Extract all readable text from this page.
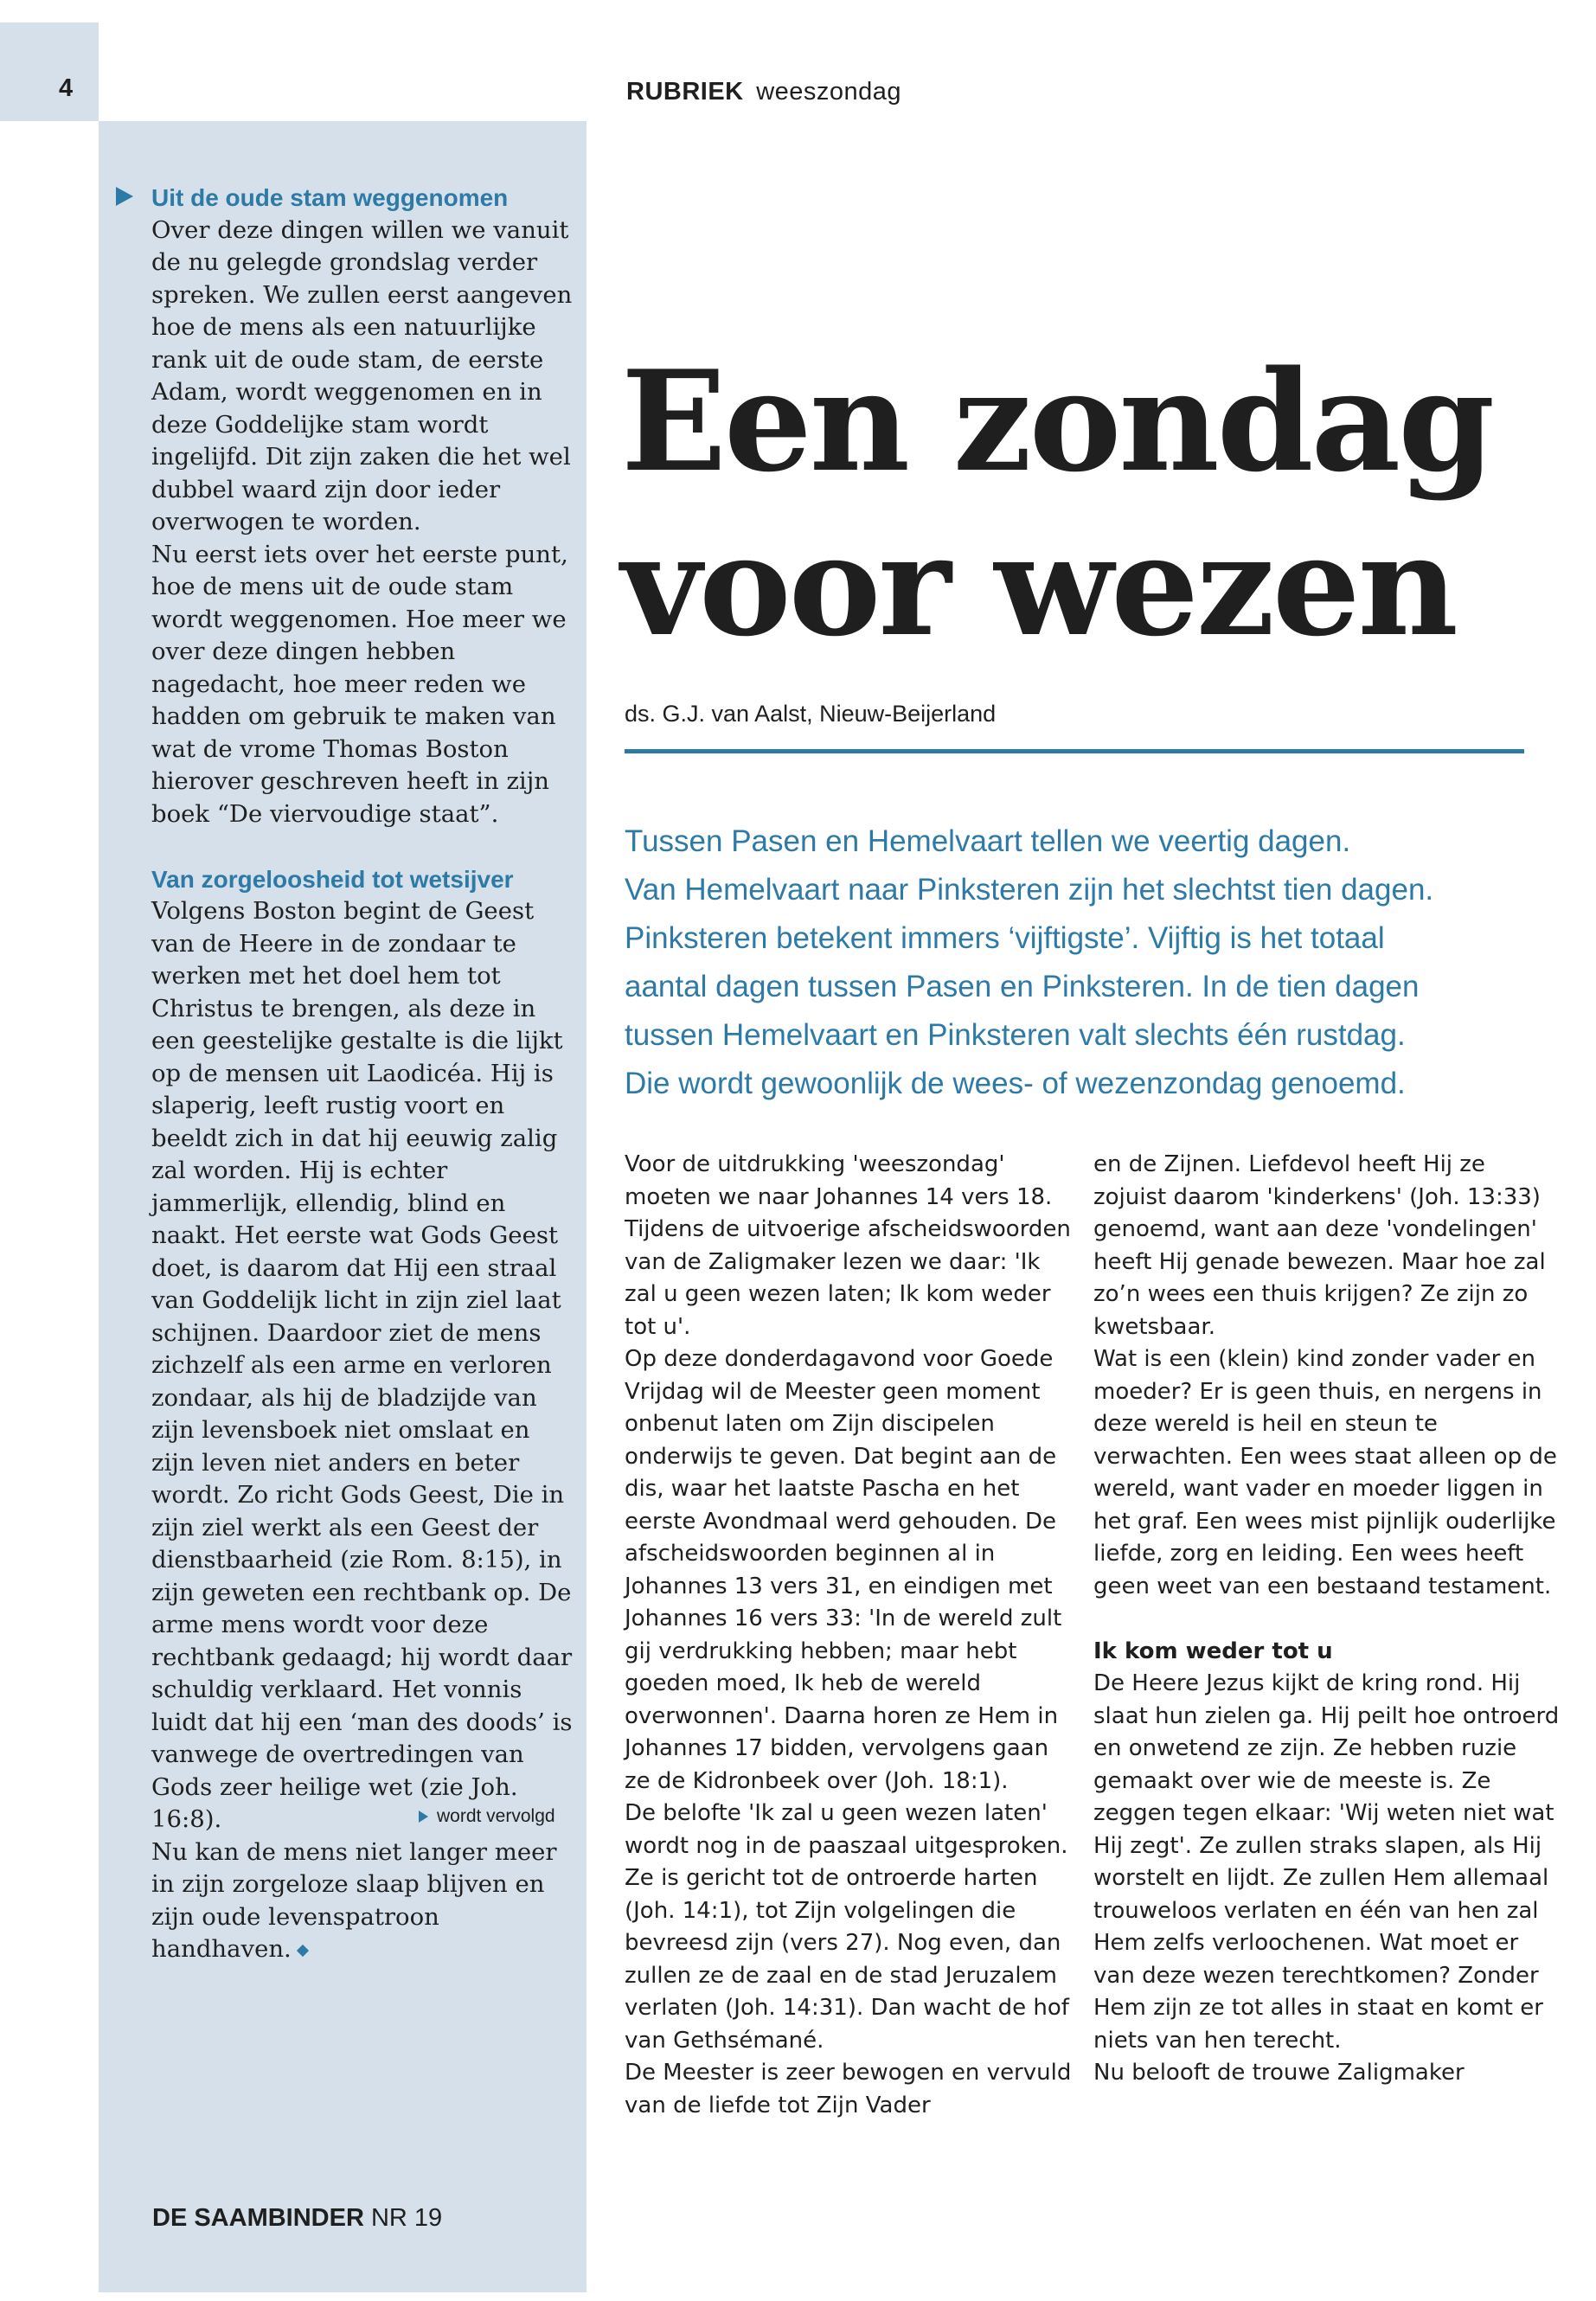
4	RUBRIEK weeszondag

Uit de oude stam weggenomen

Over deze dingen willen we vanuit de nu gelegde grondslag verder spreken. We zullen eerst aangeven hoe de mens als een natuurlijke rank uit de oude stam, de eerste Adam, wordt weggenomen en in deze Goddelijke stam wordt ingelijfd. Dit zijn zaken die het wel dubbel waard zijn door ieder overwogen te worden.

Nu eerst iets over het eerste punt, hoe de mens uit de oude stam wordt weggenomen. Hoe meer we over deze dingen hebben nagedacht, hoe meer reden we hadden om gebruik te maken van wat de vrome Thomas Boston hierover geschreven heeft in zijn boek “De viervoudige staat”.

Van zorgeloosheid tot wetsijver

Volgens Boston begint de Geest van de Heere in de zondaar te werken met het doel hem tot Christus te brengen, als deze in een geestelijke gestalte is die lijkt op de mensen uit Laodicéa. Hij is slaperig, leeft rustig voort en beeldt zich in dat hij eeuwig zalig zal worden. Hij is echter jammerlijk, ellendig, blind en naakt. Het eerste wat Gods Geest doet, is daarom dat Hij een straal van Goddelijk licht in zijn ziel laat schijnen. Daardoor ziet de mens zichzelf als een arme en verloren zondaar, als hij de bladzijde van zijn levensboek niet omslaat en zijn leven niet anders en beter wordt. Zo richt Gods Geest, Die in zijn ziel werkt als een Geest der dienstbaarheid (zie Rom. 8:15), in zijn geweten een rechtbank op. De arme mens wordt voor deze rechtbank gedaagd; hij wordt daar schuldig verklaard. Het vonnis luidt dat hij een ‘man des doods’ is vanwege de overtredingen van Gods zeer heilige wet (zie Joh. 16:8).

Nu kan de mens niet langer meer in zijn zorgeloze slaap blijven en zijn oude levenspatroon handhaven.

wordt vervolgd
DE SAAMBINDER NR 19
Een zondag
voor wezen
ds. G.J. van Aalst, Nieuw-Beijerland
Tussen Pasen en Hemelvaart tellen we veertig dagen.
Van Hemelvaart naar Pinksteren zijn het slechtst tien dagen.
Pinksteren betekent immers ‘vijftigste’. Vijftig is het totaal
aantal dagen tussen Pasen en Pinksteren. In de tien dagen
tussen Hemelvaart en Pinksteren valt slechts één rustdag.
Die wordt gewoonlijk de wees- of wezenzondag genoemd.

Voor de uitdrukking 'weeszondag' moeten we naar Johannes 14 vers 18. Tijdens de uitvoerige afscheidswoorden van de Zaligmaker lezen we daar: 'Ik zal u geen wezen laten; Ik kom weder tot u'.

Op deze donderdagavond voor Goede Vrijdag wil de Meester geen moment onbenut laten om Zijn discipelen onderwijs te geven. Dat begint aan de dis, waar het laatste Pascha en het eerste Avondmaal werd gehouden. De afscheidswoorden beginnen al in Johannes 13 vers 31, en eindigen met Johannes 16 vers 33: 'In de wereld zult gij verdrukking hebben; maar hebt goeden moed, Ik heb de wereld overwonnen'. Daarna horen ze Hem in Johannes 17 bidden, vervolgens gaan ze de Kidronbeek over (Joh. 18:1).

De belofte 'Ik zal u geen wezen laten' wordt nog in de paaszaal uitgesproken. Ze is gericht tot de ontroerde harten (Joh. 14:1), tot Zijn volgelingen die bevreesd zijn (vers 27). Nog even, dan zullen ze de zaal en de stad Jeruzalem verlaten (Joh. 14:31). Dan wacht de hof van Gethsémané.

De Meester is zeer bewogen en vervuld van de liefde tot Zijn Vader

en de Zijnen. Liefdevol heeft Hij ze zojuist daarom 'kinderkens' (Joh. 13:33) genoemd, want aan deze 'vondelingen' heeft Hij genade bewezen. Maar hoe zal zo’n wees een thuis krijgen? Ze zijn zo kwetsbaar.

Wat is een (klein) kind zonder vader en moeder? Er is geen thuis, en nergens in deze wereld is heil en steun te verwachten. Een wees staat alleen op de wereld, want vader en moeder liggen in het graf. Een wees mist pijnlijk ouderlijke liefde, zorg en leiding. Een wees heeft geen weet van een bestaand testament.

Ik kom weder tot u

De Heere Jezus kijkt de kring rond. Hij slaat hun zielen ga. Hij peilt hoe ontroerd en onwetend ze zijn. Ze hebben ruzie gemaakt over wie de meeste is. Ze zeggen tegen elkaar: 'Wij weten niet wat Hij zegt'. Ze zullen straks slapen, als Hij worstelt en lijdt. Ze zullen Hem allemaal trouweloos verlaten en één van hen zal Hem zelfs verloochenen. Wat moet er van deze wezen terechtkomen? Zonder Hem zijn ze tot alles in staat en komt er niets van hen terecht.

Nu belooft de trouwe Zaligmaker
